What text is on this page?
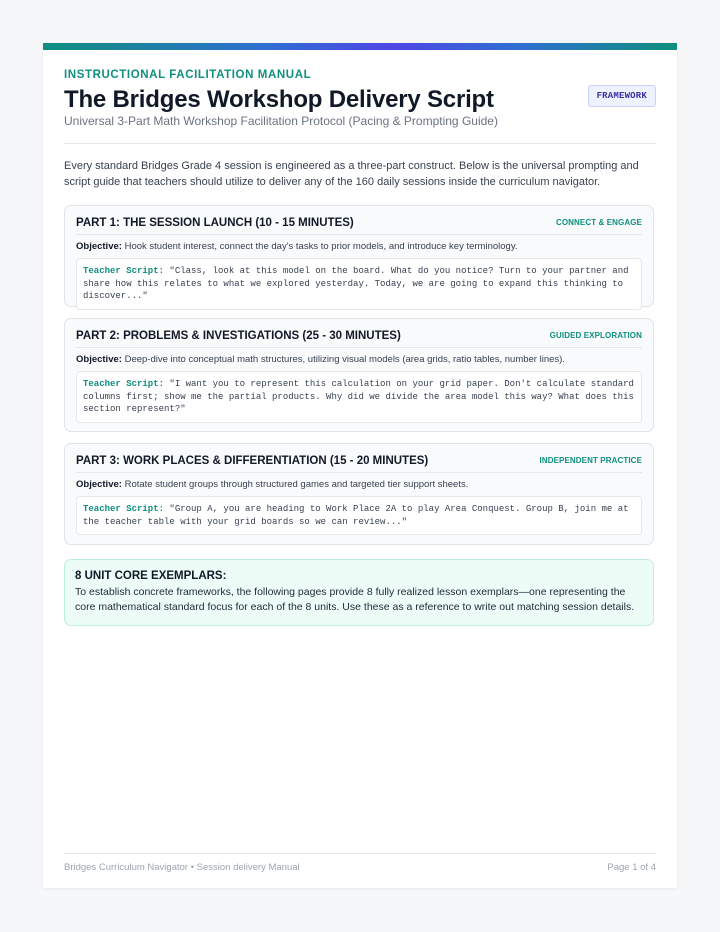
INSTRUCTIONAL FACILITATION MANUAL
The Bridges Workshop Delivery Script
Universal 3-Part Math Workshop Facilitation Protocol (Pacing & Prompting Guide)
FRAMEWORK
Every standard Bridges Grade 4 session is engineered as a three-part construct. Below is the universal prompting and script guide that teachers should utilize to deliver any of the 160 daily sessions inside the curriculum navigator.
PART 1: THE SESSION LAUNCH (10 - 15 MINUTES)	CONNECT & ENGAGE
Objective: Hook student interest, connect the day's tasks to prior models, and introduce key terminology.
Teacher Script: "Class, look at this model on the board. What do you notice? Turn to your partner and share how this relates to what we explored yesterday. Today, we are going to expand this thinking to discover..."
PART 2: PROBLEMS & INVESTIGATIONS (25 - 30 MINUTES)	GUIDED EXPLORATION
Objective: Deep-dive into conceptual math structures, utilizing visual models (area grids, ratio tables, number lines).
Teacher Script: "I want you to represent this calculation on your grid paper. Don't calculate standard columns first; show me the partial products. Why did we divide the area model this way? What does this section represent?"
PART 3: WORK PLACES & DIFFERENTIATION (15 - 20 MINUTES)	INDEPENDENT PRACTICE
Objective: Rotate student groups through structured games and targeted tier support sheets.
Teacher Script: "Group A, you are heading to Work Place 2A to play Area Conquest. Group B, join me at the teacher table with your grid boards so we can review..."
8 UNIT CORE EXEMPLARS:
To establish concrete frameworks, the following pages provide 8 fully realized lesson exemplars—one representing the core mathematical standard focus for each of the 8 units. Use these as a reference to write out matching session details.
Bridges Curriculum Navigator • Session delivery Manual	Page 1 of 4
